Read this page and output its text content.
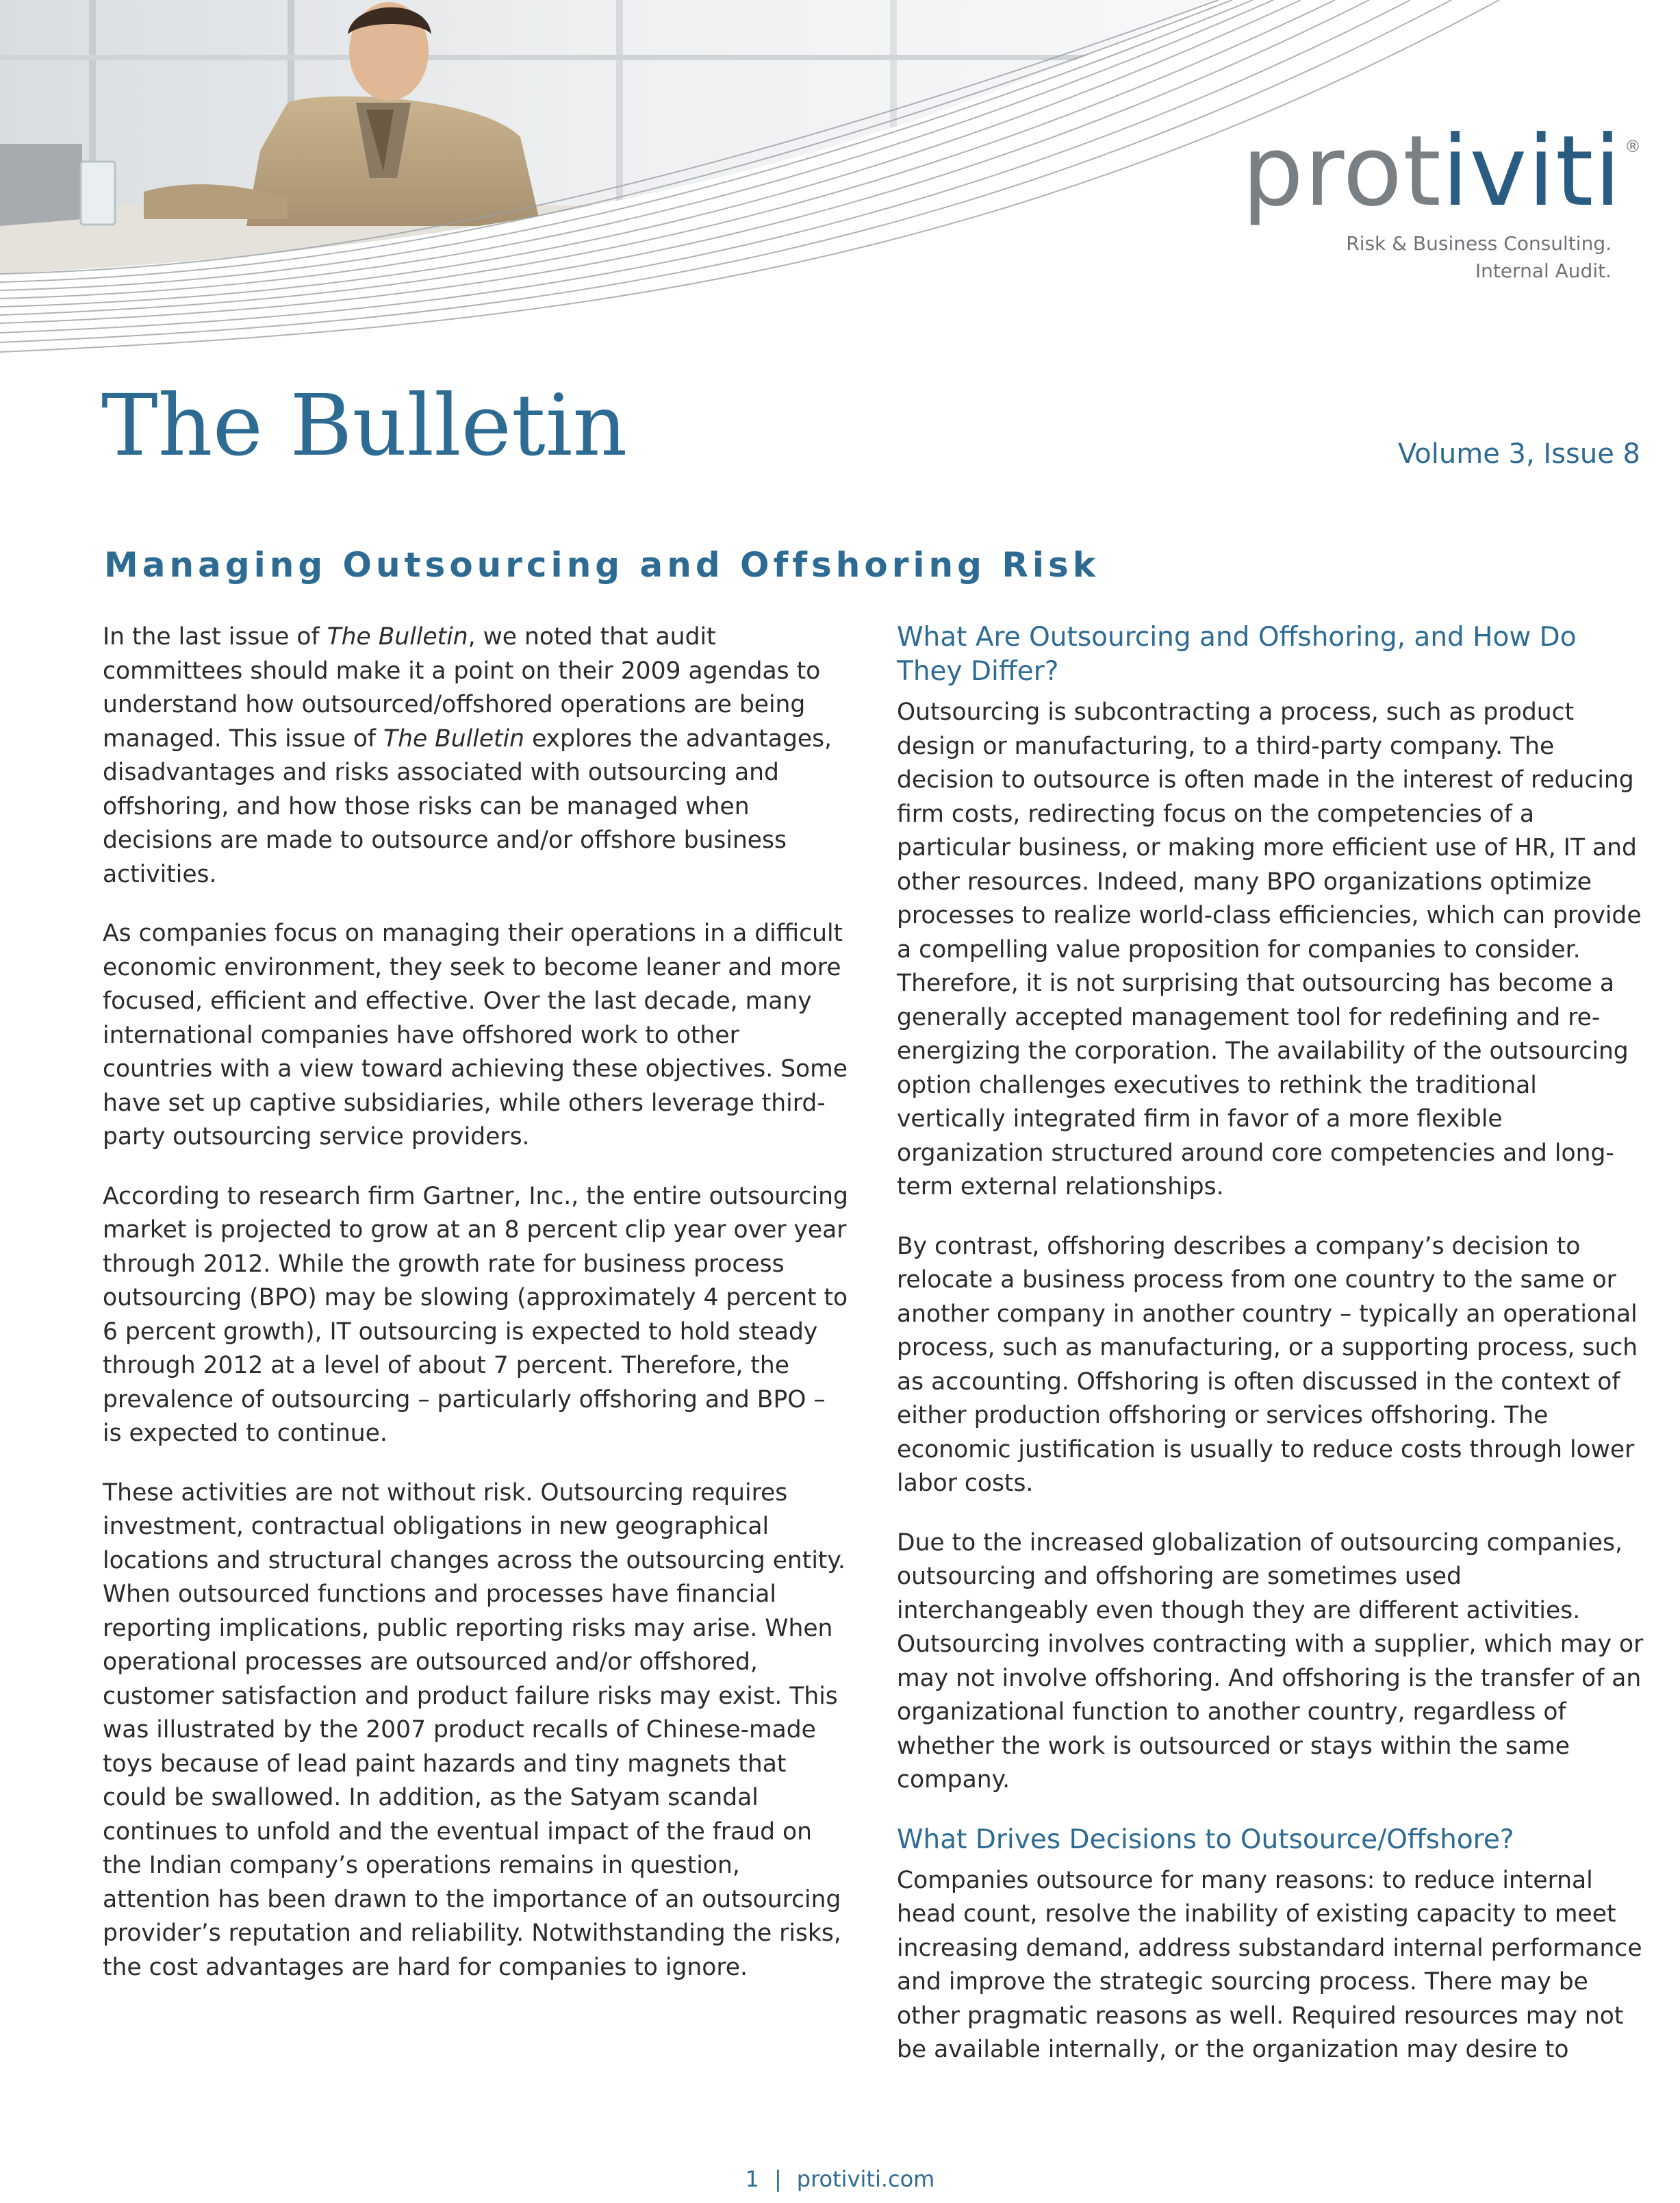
protiviti ®
Risk & Business Consulting.
Internal Audit.
The Bulletin	Volume 3, Issue 8
Managing Outsourcing and Offshoring Risk

In the last issue of The Bulletin, we noted that audit committees should make it a point on their 2009 agendas to understand how outsourced/offshored operations are being managed. This issue of The Bulletin explores the advantages, disadvantages and risks associated with outsourcing and offshoring, and how those risks can be managed when decisions are made to outsource and/or offshore business activities.

As companies focus on managing their operations in a difficult economic environment, they seek to become leaner and more focused, efficient and effective. Over the last decade, many international companies have offshored work to other countries with a view toward achieving these objectives. Some have set up captive subsidiaries, while others leverage third-party outsourcing service providers.

According to research firm Gartner, Inc., the entire outsourcing market is projected to grow at an 8 percent clip year over year through 2012. While the growth rate for business process outsourcing (BPO) may be slowing (approximately 4 percent to 6 percent growth), IT outsourcing is expected to hold steady through 2012 at a level of about 7 percent. Therefore, the prevalence of outsourcing – particularly offshoring and BPO – is expected to continue.

These activities are not without risk. Outsourcing requires investment, contractual obligations in new geographical locations and structural changes across the outsourcing entity. When outsourced functions and processes have financial reporting implications, public reporting risks may arise. When operational processes are outsourced and/or offshored, customer satisfaction and product failure risks may exist. This was illustrated by the 2007 product recalls of Chinese-made toys because of lead paint hazards and tiny magnets that could be swallowed. In addition, as the Satyam scandal continues to unfold and the eventual impact of the fraud on the Indian company’s operations remains in question, attention has been drawn to the importance of an outsourcing provider’s reputation and reliability. Notwithstanding the risks, the cost advantages are hard for companies to ignore.

What Are Outsourcing and Offshoring, and How Do They Differ?

Outsourcing is subcontracting a process, such as product design or manufacturing, to a third-party company. The decision to outsource is often made in the interest of reducing firm costs, redirecting focus on the competencies of a particular business, or making more efficient use of HR, IT and other resources. Indeed, many BPO organizations optimize processes to realize world-class efficiencies, which can provide a compelling value proposition for companies to consider. Therefore, it is not surprising that outsourcing has become a generally accepted management tool for redefining and re-energizing the corporation. The availability of the outsourcing option challenges executives to rethink the traditional vertically integrated firm in favor of a more flexible organization structured around core competencies and long-term external relationships.

By contrast, offshoring describes a company’s decision to relocate a business process from one country to the same or another company in another country – typically an operational process, such as manufacturing, or a supporting process, such as accounting. Offshoring is often discussed in the context of either production offshoring or services offshoring. The economic justification is usually to reduce costs through lower labor costs.

Due to the increased globalization of outsourcing companies, outsourcing and offshoring are sometimes used interchangeably even though they are different activities. Outsourcing involves contracting with a supplier, which may or may not involve offshoring. And offshoring is the transfer of an organizational function to another country, regardless of whether the work is outsourced or stays within the same company.

What Drives Decisions to Outsource/Offshore?

Companies outsource for many reasons: to reduce internal head count, resolve the inability of existing capacity to meet increasing demand, address substandard internal performance and improve the strategic sourcing process. There may be other pragmatic reasons as well. Required resources may not be available internally, or the organization may desire to

1 | protiviti.com
